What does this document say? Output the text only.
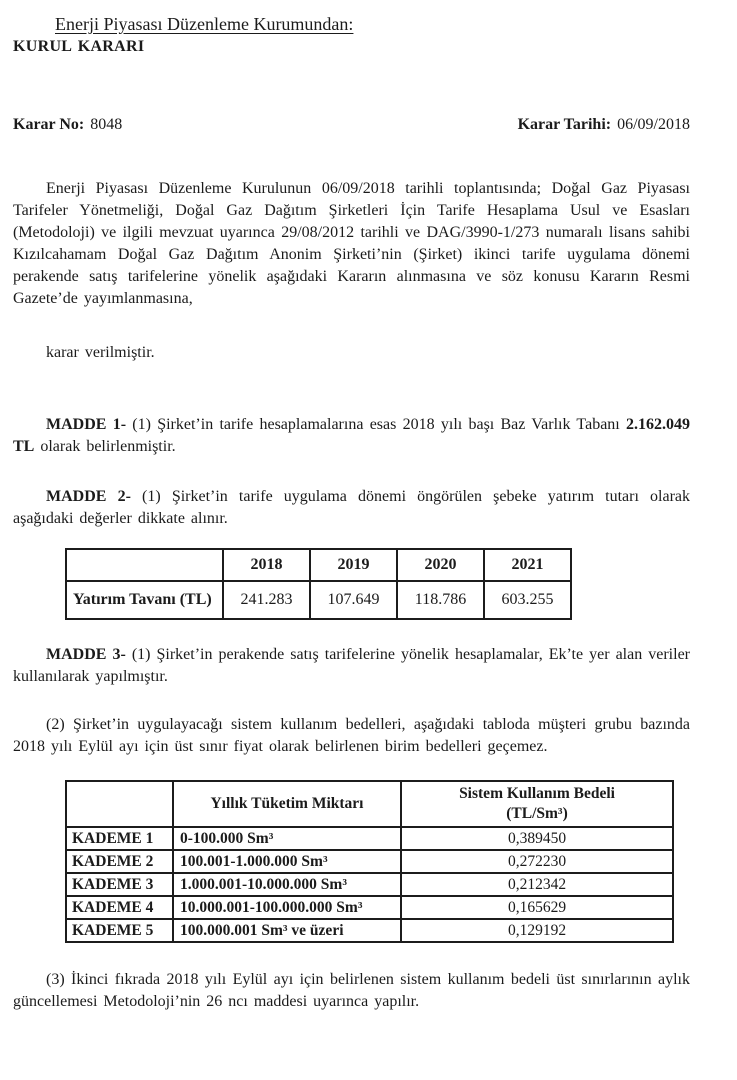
Enerji Piyasası Düzenleme Kurumundan:

KURUL KARARI

Karar No: 8048	Karar Tarihi: 06/09/2018

Enerji Piyasası Düzenleme Kurulunun 06/09/2018 tarihli toplantısında; Doğal Gaz Piyasası Tarifeler Yönetmeliği, Doğal Gaz Dağıtım Şirketleri İçin Tarife Hesaplama Usul ve Esasları (Metodoloji) ve ilgili mevzuat uyarınca 29/08/2012 tarihli ve DAG/3990-1/273 numaralı lisans sahibi Kızılcahamam Doğal Gaz Dağıtım Anonim Şirketi’nin (Şirket) ikinci tarife uygulama dönemi perakende satış tarifelerine yönelik aşağıdaki Kararın alınmasına ve söz konusu Kararın Resmi Gazete’de yayımlanmasına,

karar verilmiştir.

MADDE 1- (1) Şirket’in tarife hesaplamalarına esas 2018 yılı başı Baz Varlık Tabanı 2.162.049 TL olarak belirlenmiştir.

MADDE 2- (1) Şirket’in tarife uygulama dönemi öngörülen şebeke yatırım tutarı olarak aşağıdaki değerler dikkate alınır.

	2018	2019	2020	2021
Yatırım Tavanı (TL)	241.283	107.649	118.786	603.255

MADDE 3- (1) Şirket’in perakende satış tarifelerine yönelik hesaplamalar, Ek’te yer alan veriler kullanılarak yapılmıştır.

(2) Şirket’in uygulayacağı sistem kullanım bedelleri, aşağıdaki tabloda müşteri grubu bazında 2018 yılı Eylül ayı için üst sınır fiyat olarak belirlenen birim bedelleri geçemez.

	Yıllık Tüketim Miktarı	Sistem Kullanım Bedeli
(TL/Sm³)

KADEME 1	0-100.000 Sm³	0,389450
KADEME 2	100.001-1.000.000 Sm³	0,272230
KADEME 3	1.000.001-10.000.000 Sm³	0,212342
KADEME 4	10.000.001-100.000.000 Sm³	0,165629
KADEME 5	100.000.001 Sm³ ve üzeri	0,129192

(3) İkinci fıkrada 2018 yılı Eylül ayı için belirlenen sistem kullanım bedeli üst sınırlarının aylık güncellemesi Metodoloji’nin 26 ncı maddesi uyarınca yapılır.
